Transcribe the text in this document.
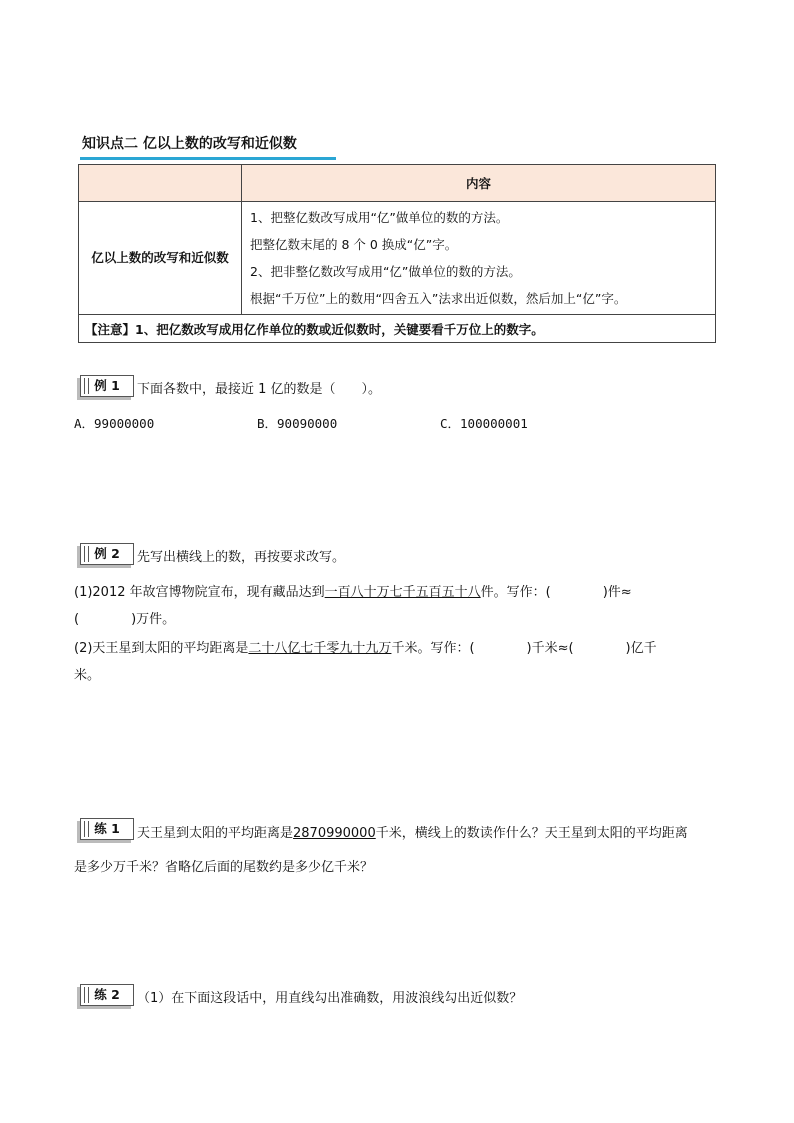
知识点二 亿以上数的改写和近似数
	内容
亿以上数的改写和近似数	1、把整亿数改写成用“亿”做单位的数的方法。
把整亿数末尾的 8 个 0 换成“亿”字。
2、把非整亿数改写成用“亿”做单位的数的方法。
根据“千万位”上的数用“四舍五入”法求出近似数，然后加上“亿”字。

【注意】1、把亿数改写成用亿作单位的数或近似数时，关键要看千万位上的数字。	
例 1	下面各数中，最接近 1 亿的数是（　　）。
A．99000000	B．90090000	C．100000001
例 2	先写出横线上的数，再按要求改写。
(1)2012 年故宫博物院宣布，现有藏品达到一百八十万七千五百五十八件。写作：(　　　　)件≈
(　　　　)万件。
(2)天王星到太阳的平均距离是二十八亿七千零九十九万千米。写作：(　　　　)千米≈(　　　　)亿千
米。
练 1	天王星到太阳的平均距离是2870990000千米，横线上的数读作什么？天王星到太阳的平均距离
是多少万千米？省略亿后面的尾数约是多少亿千米？
练 2	（1）在下面这段话中，用直线勾出准确数，用波浪线勾出近似数？
